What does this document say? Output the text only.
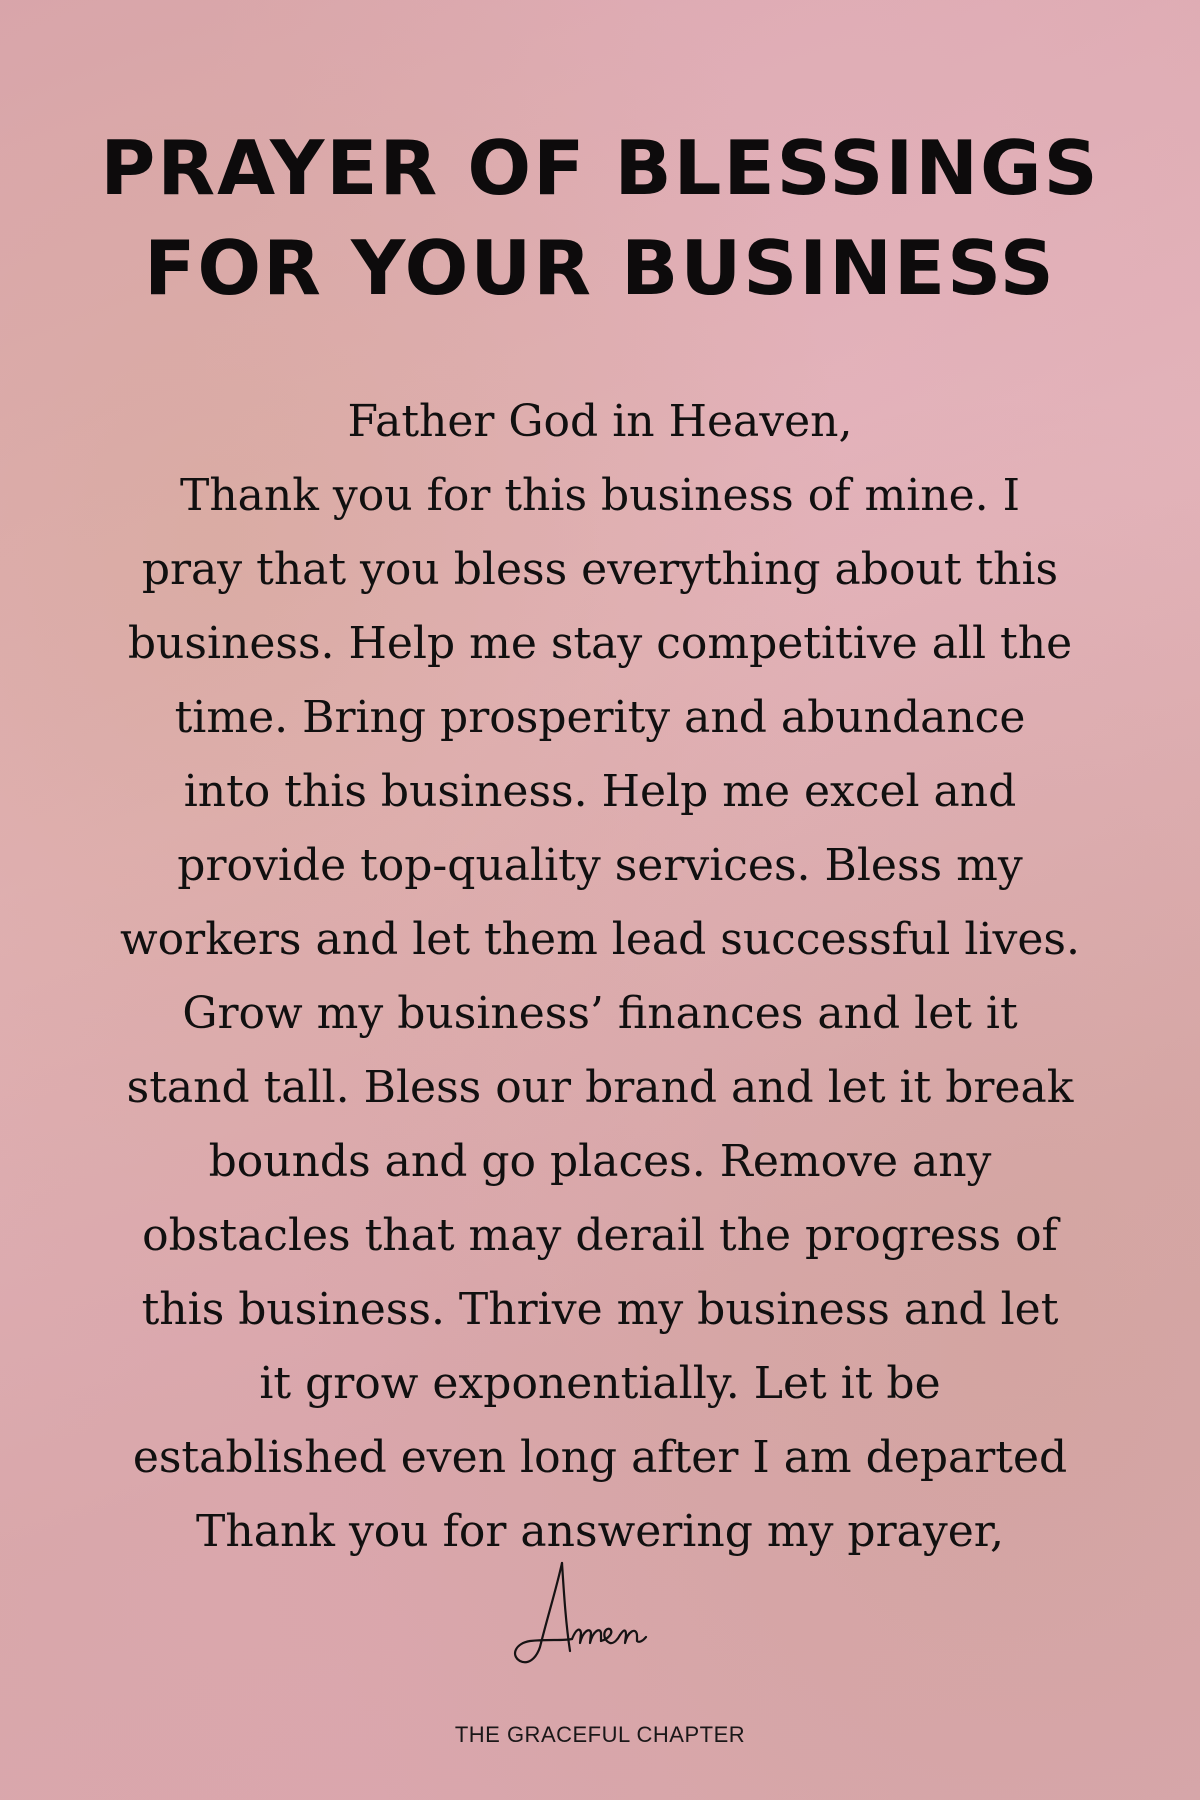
PRAYER OF BLESSINGS
FOR YOUR BUSINESS
Father God in Heaven,
Thank you for this business of mine. I
pray that you bless everything about this
business. Help me stay competitive all the
time. Bring prosperity and abundance
into this business. Help me excel and
provide top-quality services. Bless my
workers and let them lead successful lives.
Grow my business’ finances and let it
stand tall. Bless our brand and let it break
bounds and go places. Remove any
obstacles that may derail the progress of
this business. Thrive my business and let
it grow exponentially. Let it be
established even long after I am departed
Thank you for answering my prayer,
THE GRACEFUL CHAPTER
